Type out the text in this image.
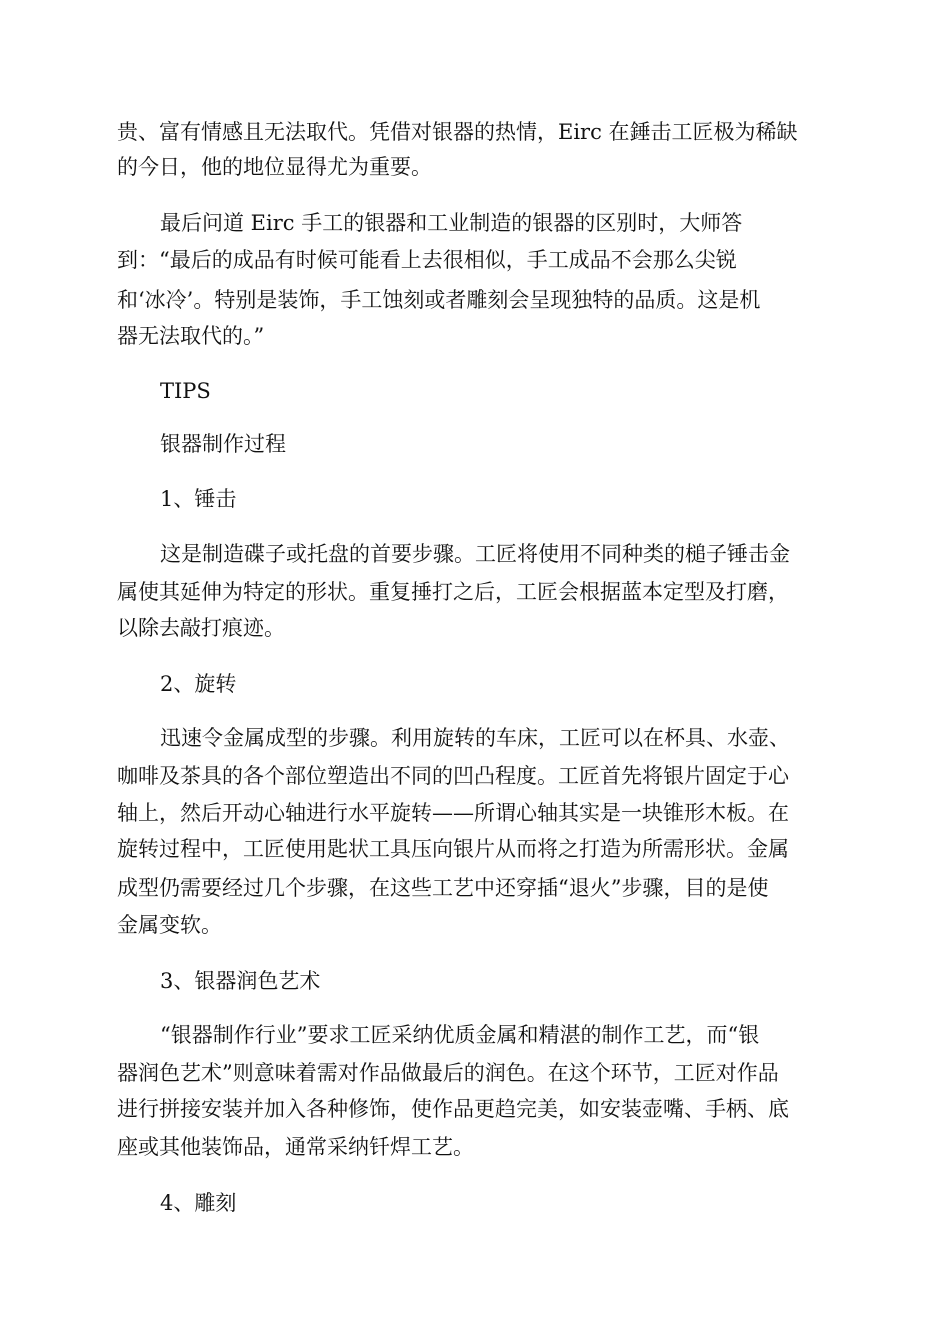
贵、富有情感且无法取代。凭借对银器的热情，Eirc 在錘击工匠极为稀缺
的今日，他的地位显得尤为重要。
最后问道 Eirc 手工的银器和工业制造的银器的区别时，大师答
到：“最后的成品有时候可能看上去很相似，手工成品不会那么尖锐
和‘冰冷’。特别是装饰，手工蚀刻或者雕刻会呈现独特的品质。这是机
器无法取代的。”
TIPS
银器制作过程
1、锤击
这是制造碟子或托盘的首要步骤。工匠将使用不同种类的槌子锤击金
属使其延伸为特定的形状。重复捶打之后，工匠会根据蓝本定型及打磨，
以除去敲打痕迹。
2、旋转
迅速令金属成型的步骤。利用旋转的车床，工匠可以在杯具、水壶、
咖啡及茶具的各个部位塑造出不同的凹凸程度。工匠首先将银片固定于心
轴上，然后开动心轴进行水平旋转——所谓心轴其实是一块锥形木板。在
旋转过程中，工匠使用匙状工具压向银片从而将之打造为所需形状。金属
成型仍需要经过几个步骤，在这些工艺中还穿插“退火”步骤，目的是使
金属变软。
3、银器润色艺术
“银器制作行业”要求工匠采纳优质金属和精湛的制作工艺，而“银
器润色艺术”则意味着需对作品做最后的润色。在这个环节，工匠对作品
进行拼接安装并加入各种修饰，使作品更趋完美，如安装壶嘴、手柄、底
座或其他装饰品，通常采纳钎焊工艺。
4、雕刻
